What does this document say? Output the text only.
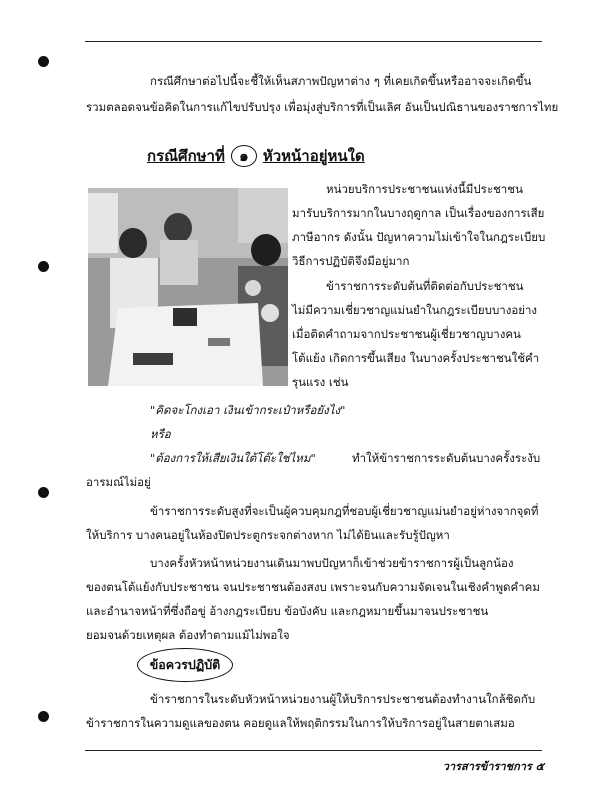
กรณีศึกษาต่อไปนี้จะชี้ให้เห็นสภาพปัญหาต่าง ๆ ที่เคยเกิดขึ้นหรืออาจจะเกิดขึ้น
รวมตลอดจนข้อคิดในการแก้ไขปรับปรุง เพื่อมุ่งสู่บริการที่เป็นเลิศ อันเป็นปณิธานของราชการไทย
กรณีศึกษาที่ ๑ หัวหน้าอยู่หนใด
หน่วยบริการประชาชนแห่งนี้มีประชาชน
มารับบริการมากในบางฤดูกาล เป็นเรื่องของการเสีย
ภาษีอากร ดังนั้น ปัญหาความไม่เข้าใจในกฎระเบียบ
วิธีการปฏิบัติจึงมีอยู่มาก
ข้าราชการระดับต้นที่ติดต่อกับประชาชน
ไม่มีความเชี่ยวชาญแม่นยำในกฎระเบียบบางอย่าง
เมื่อติดคำถามจากประชาชนผู้เชี่ยวชาญบางคน
โต้แย้ง เกิดการขึ้นเสียง ในบางครั้งประชาชนใช้คำ
รุนแรง เช่น
"คิดจะโกงเอา เงินเข้ากระเป๋าหรือยังไง"
หรือ
"ต้องการให้เสียเงินใต้โต๊ะใช่ไหม"	ทำให้ข้าราชการระดับต้นบางครั้งระงับ
อารมณ์ไม่อยู่
ข้าราชการระดับสูงที่จะเป็นผู้ควบคุมกฎที่ชอบผู้เชี่ยวชาญแม่นยำอยู่ห่างจากจุดที่
ให้บริการ บางคนอยู่ในห้องปิดประตูกระจกต่างหาก ไม่ได้ยินและรับรู้ปัญหา
บางครั้งหัวหน้าหน่วยงานเดินมาพบปัญหาก็เข้าช่วยข้าราชการผู้เป็นลูกน้อง
ของตนโต้แย้งกับประชาชน จนประชาชนต้องสงบ เพราะจนกับความจัดเจนในเชิงคำพูดคำคม
และอำนาจหน้าที่ซึ่งถือขู่ อ้างกฎระเบียบ ข้อบังคับ และกฎหมายขึ้นมาจนประชาชน
ยอมจนด้วยเหตุผล ต้องทำตามแม้ไม่พอใจ
ข้อควรปฏิบัติ
ข้าราชการในระดับหัวหน้าหน่วยงานผู้ให้บริการประชาชนต้องทำงานใกล้ชิดกับ
ข้าราชการในความดูแลของตน คอยดูแลให้พฤติกรรมในการให้บริการอยู่ในสายตาเสมอ
วารสารข้าราชการ ๕
